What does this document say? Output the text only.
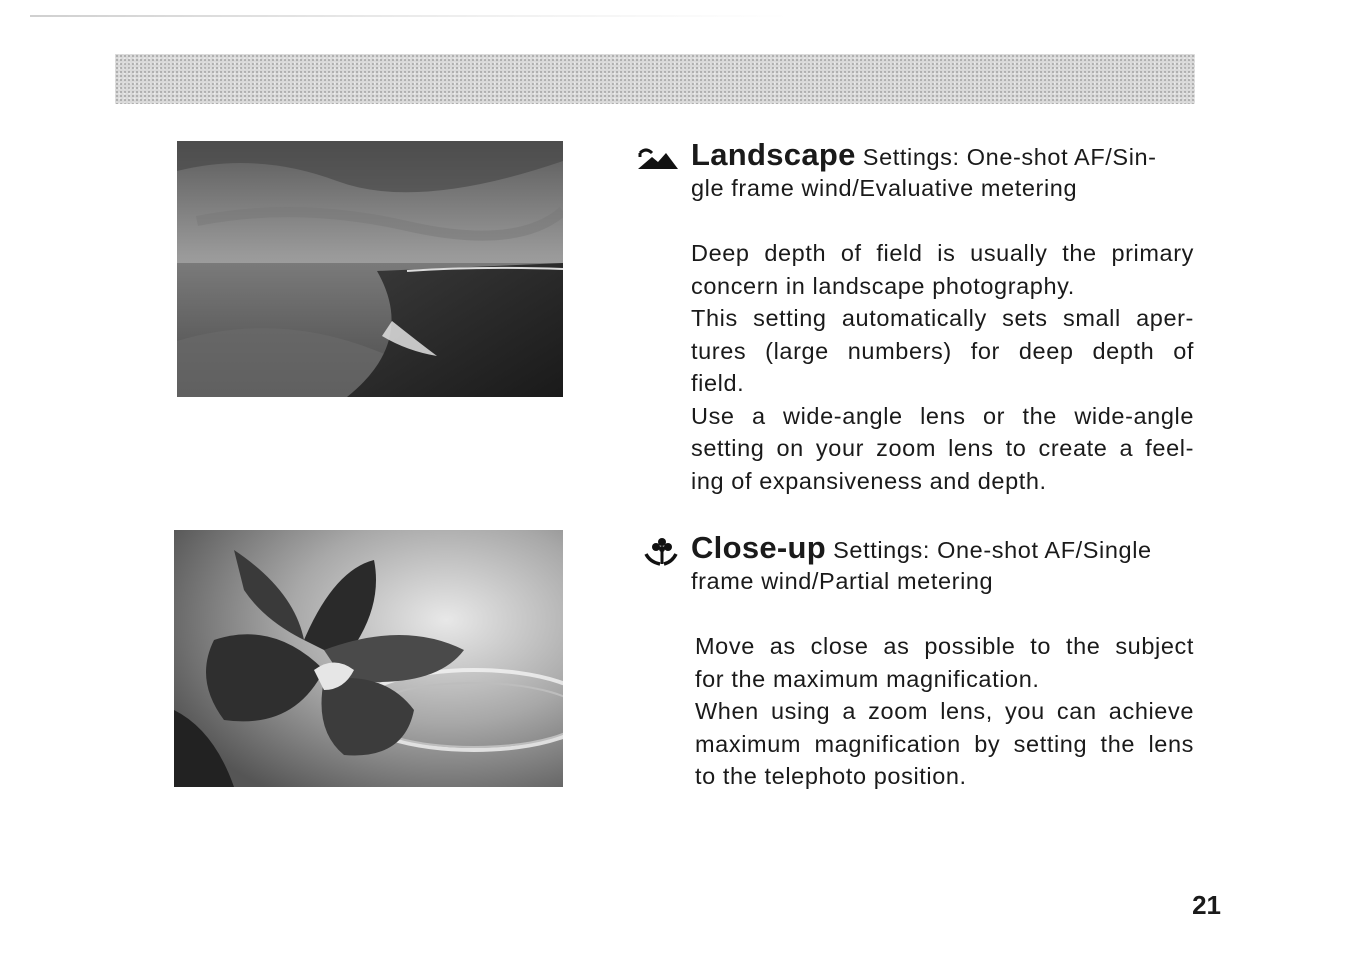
Landscape Settings: One-shot AF/Sin-
gle frame wind/Evaluative metering
Deep depth of field is usually the primary
concern in landscape photography.
This setting automatically sets small aper-
tures (large numbers) for deep depth of
field.
Use a wide-angle lens or the wide-angle
setting on your zoom lens to create a feel-
ing of expansiveness and depth.
Close-up Settings: One-shot AF/Single
frame wind/Partial metering
Move as close as possible to the subject
for the maximum magnification.
When using a zoom lens, you can achieve
maximum magnification by setting the lens
to the telephoto position.
21
